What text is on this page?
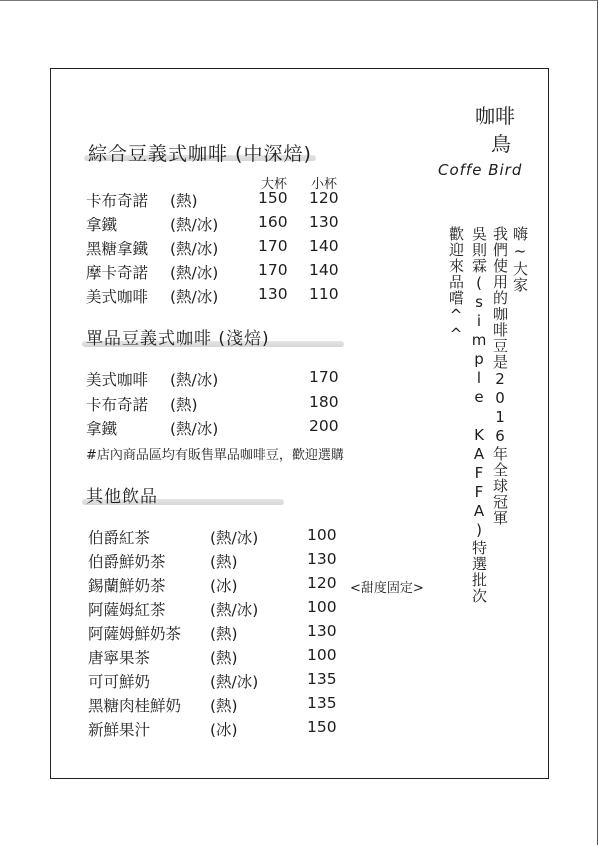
咖啡
鳥
Coffe Bird
綜合豆義式咖啡 (中深焙)
大杯 小杯
卡布奇諾 (熱)	150 120
拿鐵	(熱/冰)	160 130
黑糖拿鐵 (熱/冰)	170 140
摩卡奇諾 (熱/冰)	170 140
美式咖啡 (熱/冰)	130 110
單品豆義式咖啡 (淺焙)
美式咖啡 (熱/冰)	170
卡布奇諾 (熱)	180
拿鐵	(熱/冰)	200
#店內商品區均有販售單品咖啡豆，歡迎選購
其他飲品
伯爵紅茶	(熱/冰)	100
伯爵鮮奶茶	(熱)	130
錫蘭鮮奶茶	(冰)	120 <甜度固定>
阿薩姆紅茶	(熱/冰)	100
阿薩姆鮮奶茶 (熱)	130
唐寧果茶	(熱)	100
可可鮮奶	(熱/冰)	135
黑糖肉桂鮮奶 (熱)	135
新鮮果汁	(冰)	150
嗨~大家
我們使用的咖啡豆是2016年全球冠軍
吳則霖(simple KAFFA)特選批次
歡迎來品嚐^^
